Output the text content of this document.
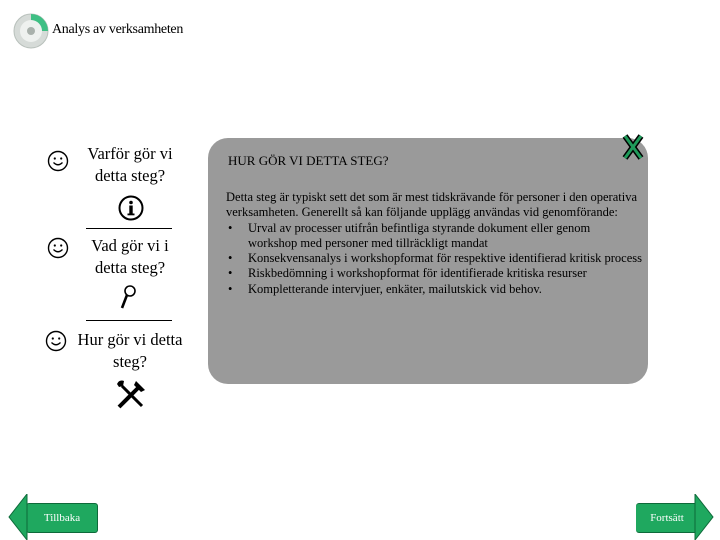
Analys av verksamheten
Varför gör vi detta steg?
Vad gör vi i detta steg?
Hur gör vi detta steg?
HUR GÖR VI DETTA STEG?
Detta steg är typiskt sett det som är mest tidskrävande för personer i den operativa verksamheten. Generellt så kan följande upplägg användas vid genomförande:
• Urval av processer utifrån befintliga styrande dokument eller genom workshop med personer med tillräckligt mandat
• Konsekvensanalys i workshopformat för respektive identifierad kritisk process
• Riskbedömning i workshopformat för identifierade kritiska resurser
• Kompletterande intervjuer, enkäter, mailutskick vid behov.
Tillbaka	Fortsätt
